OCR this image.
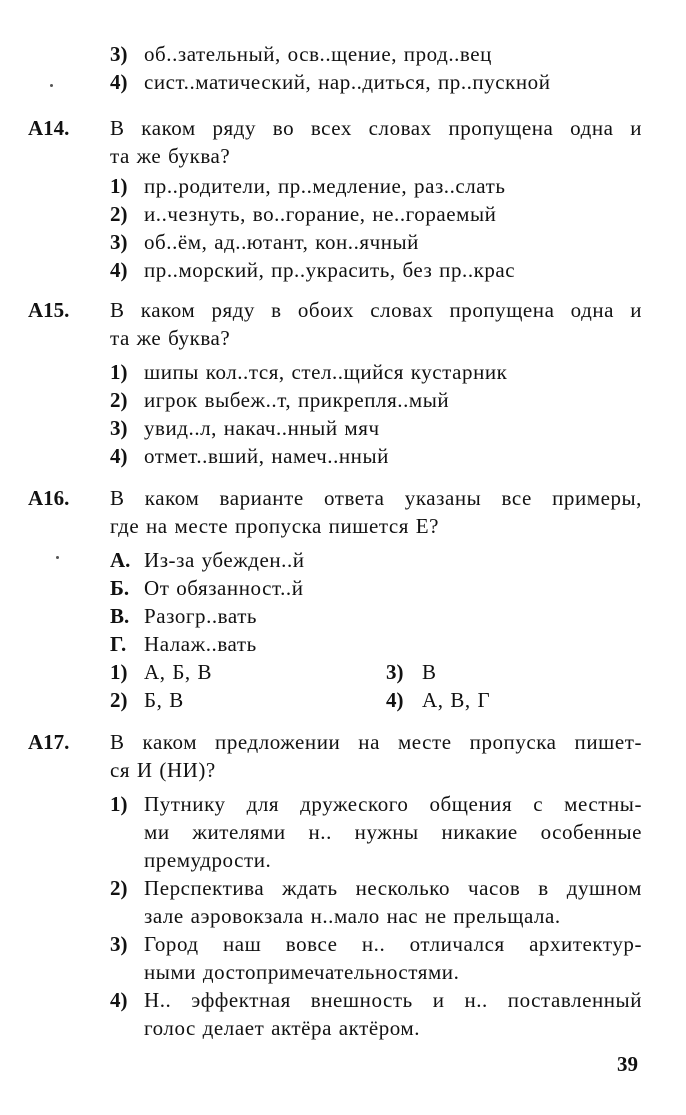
3) об..зательный, осв..щение, прод..вец
4) сист..матический, нар..диться, пр..пускной
А14. В каком ряду во всех словах пропущена одна и
та же буква?
1) пр..родители, пр..медление, раз..слать
2) и..чезнуть, во..горание, не..гораемый
3) об..ём, ад..ютант, кон..ячный
4) пр..морский, пр..украсить, без пр..крас
А15. В каком ряду в обоих словах пропущена одна и
та же буква?
1) шипы кол..тся, стел..щийся кустарник
2) игрок выбеж..т, прикрепля..мый
3) увид..л, накач..нный мяч
4) отмет..вший, намеч..нный
А16. В каком варианте ответа указаны все примеры,
где на месте пропуска пишется Е?
А. Из-за убежден..й
Б. От обязанност..й
В. Разогр..вать
Г. Налаж..вать
1) А, Б, В	3) В
2) Б, В	4) А, В, Г
А17. В каком предложении на месте пропуска пишет-
ся И (НИ)?
1) Путнику для дружеского общения с местны-
ми жителями н.. нужны никакие особенные
премудрости.
2) Перспектива ждать несколько часов в душном
зале аэровокзала н..мало нас не прельщала.
3) Город наш вовсе н.. отличался архитектур-
ными достопримечательностями.
4) Н.. эффектная внешность и н.. поставленный
голос делает актёра актёром.
39
